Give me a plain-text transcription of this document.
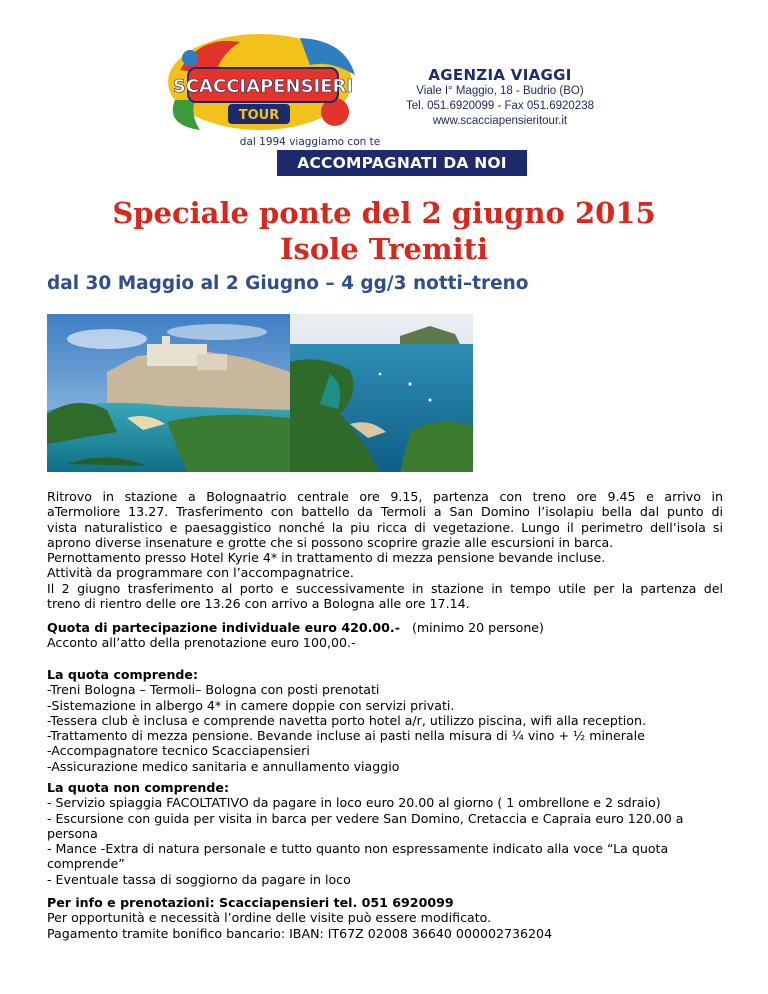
SCACCIAPENSIERI
TOUR
dal 1994 viaggiamo con te
AGENZIA VIAGGI
Viale I° Maggio, 18 - Budrio (BO)
Tel. 051.6920099 - Fax 051.6920238
www.scacciapensieritour.it
ACCOMPAGNATI DA NOI
Speciale ponte del 2 giugno 2015
Isole Tremiti
dal 30 Maggio al 2 Giugno – 4 gg/3 notti–treno
Ritrovo in stazione a Bolognaatrio centrale ore 9.15, partenza con treno ore 9.45 e arrivo in
aTermoliore 13.27. Trasferimento con battello da Termoli a San Domino l’isolapiu bella dal punto di
vista naturalistico e paesaggistico nonché la piu ricca di vegetazione. Lungo il perimetro dell’isola si
aprono diverse insenature e grotte che si possono scoprire grazie alle escursioni in barca.
Pernottamento presso Hotel Kyrie 4* in trattamento di mezza pensione bevande incluse.
Attività da programmare con l’accompagnatrice.
Il 2 giugno trasferimento al porto e successivamente in stazione in tempo utile per la partenza del
treno di rientro delle ore 13.26 con arrivo a Bologna alle ore 17.14.
Quota di partecipazione individuale euro 420.00.- (minimo 20 persone)
Acconto all’atto della prenotazione euro 100,00.-
La quota comprende:
-Treni Bologna – Termoli– Bologna con posti prenotati
-Sistemazione in albergo 4* in camere doppie con servizi privati.
-Tessera club è inclusa e comprende navetta porto hotel a/r, utilizzo piscina, wifi alla reception.
-Trattamento di mezza pensione. Bevande incluse ai pasti nella misura di ¼ vino + ½ minerale
-Accompagnatore tecnico Scacciapensieri
-Assicurazione medico sanitaria e annullamento viaggio
La quota non comprende:
- Servizio spiaggia FACOLTATIVO da pagare in loco euro 20.00 al giorno ( 1 ombrellone e 2 sdraio)
- Escursione con guida per visita in barca per vedere San Domino, Cretaccia e Capraia euro 120.00 a
persona
- Mance -Extra di natura personale e tutto quanto non espressamente indicato alla voce “La quota
comprende”
- Eventuale tassa di soggiorno da pagare in loco
Per info e prenotazioni: Scacciapensieri tel. 051 6920099
Per opportunità e necessità l’ordine delle visite può essere modificato.
Pagamento tramite bonifico bancario: IBAN: IT67Z 02008 36640 000002736204
